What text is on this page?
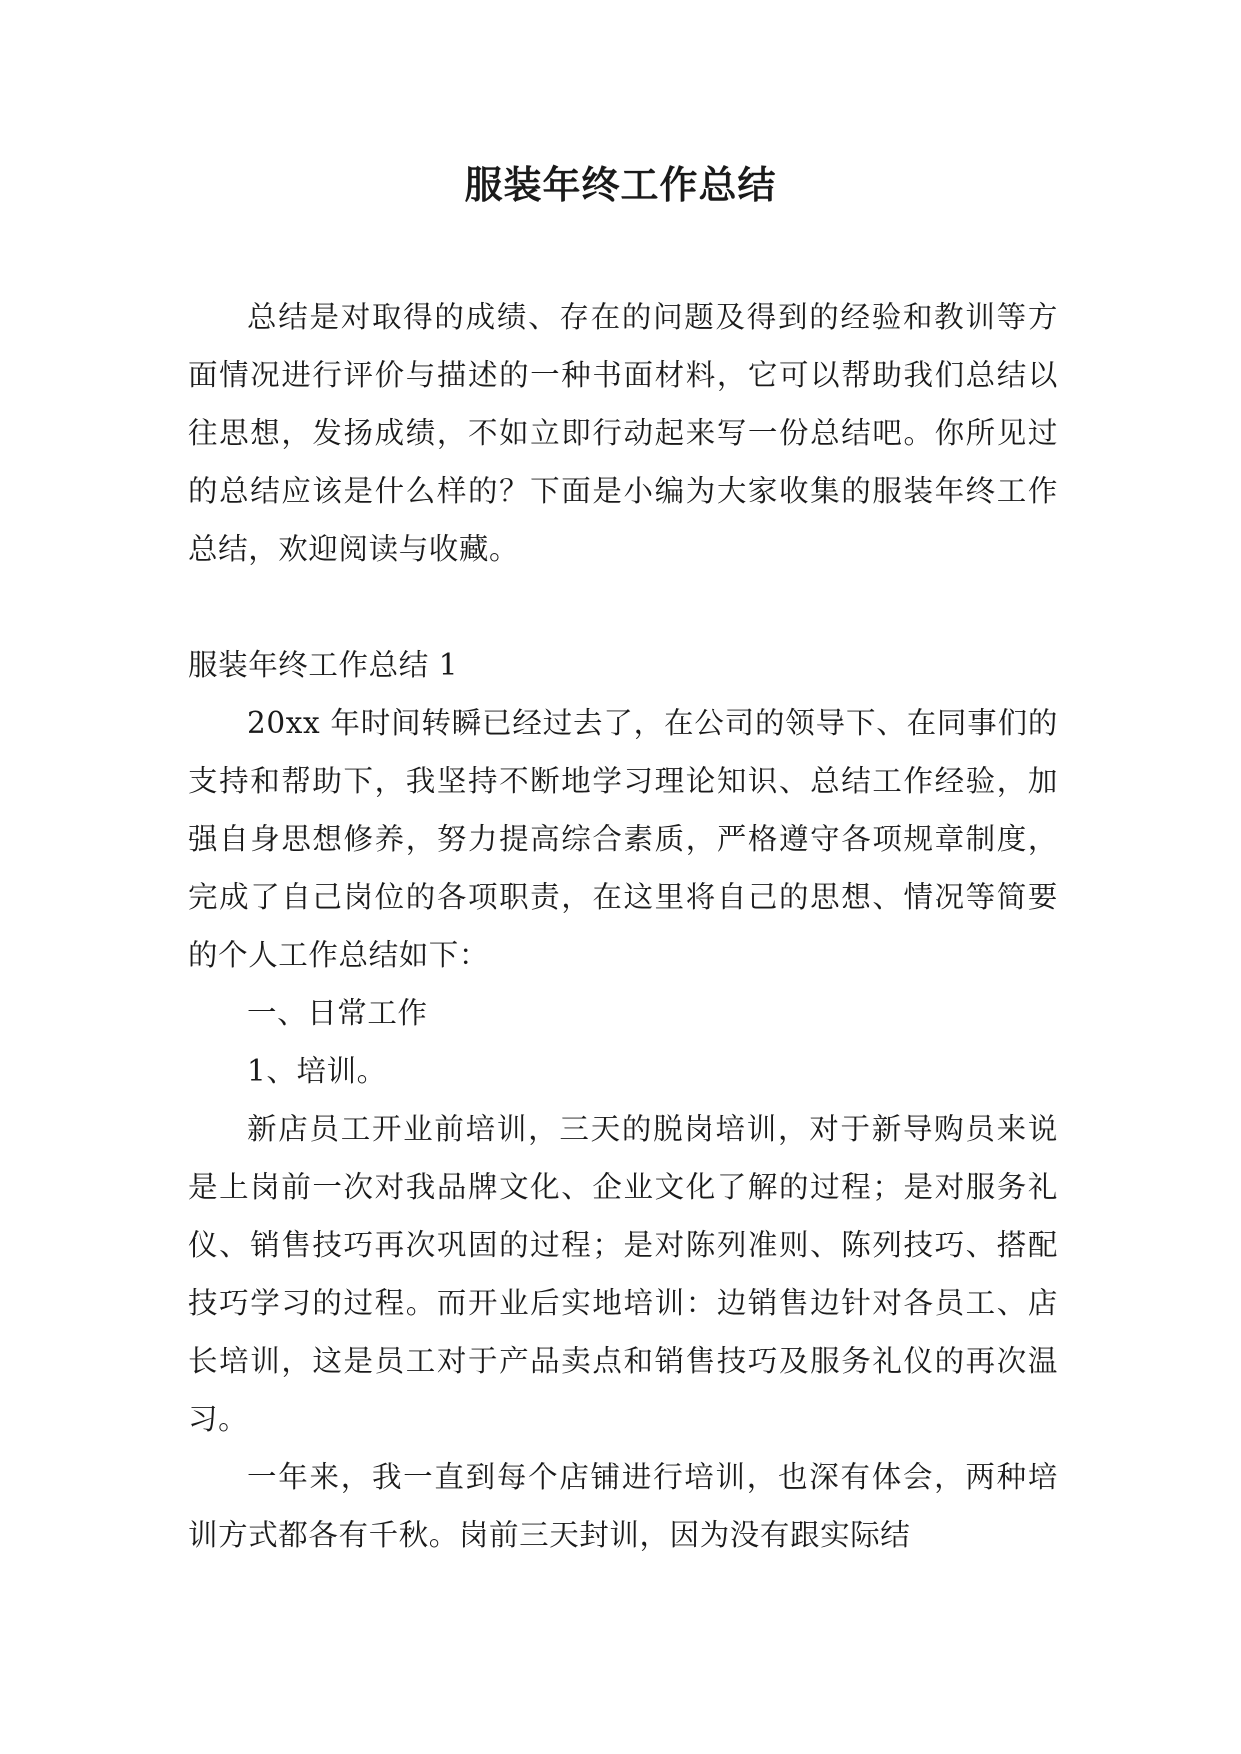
服装年终工作总结

总结是对取得的成绩、存在的问题及得到的经验和教训等方面情况进行评价与描述的一种书面材料，它可以帮助我们总结以往思想，发扬成绩，不如立即行动起来写一份总结吧。你所见过的总结应该是什么样的？下面是小编为大家收集的服装年终工作总结，欢迎阅读与收藏。

服装年终工作总结 1

20xx 年时间转瞬已经过去了，在公司的领导下、在同事们的支持和帮助下，我坚持不断地学习理论知识、总结工作经验，加强自身思想修养，努力提高综合素质，严格遵守各项规章制度，完成了自己岗位的各项职责，在这里将自己的思想、情况等简要的个人工作总结如下：

一、日常工作

1、培训。

新店员工开业前培训，三天的脱岗培训，对于新导购员来说是上岗前一次对我品牌文化、企业文化了解的过程；是对服务礼仪、销售技巧再次巩固的过程；是对陈列准则、陈列技巧、搭配技巧学习的过程。而开业后实地培训：边销售边针对各员工、店长培训，这是员工对于产品卖点和销售技巧及服务礼仪的再次温习。

一年来，我一直到每个店铺进行培训，也深有体会，两种培训方式都各有千秋。岗前三天封训，因为没有跟实际结
